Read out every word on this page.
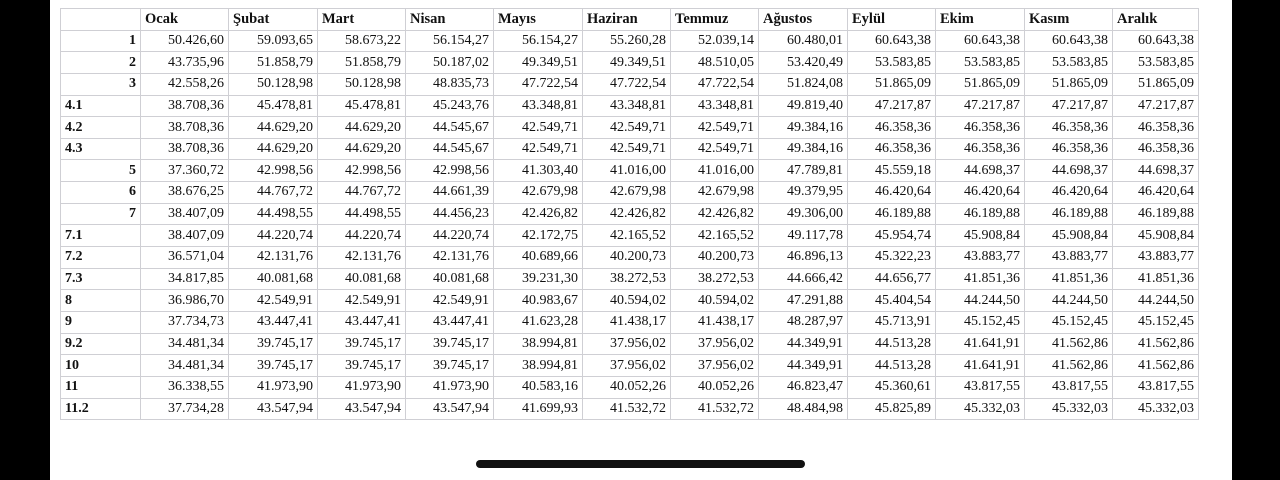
	Ocak	Şubat	Mart	Nisan	Mayıs	Haziran	Temmuz	Ağustos	Eylül	Ekim	Kasım	Aralık
1	50.426,60	59.093,65	58.673,22	56.154,27	56.154,27	55.260,28	52.039,14	60.480,01	60.643,38	60.643,38	60.643,38	60.643,38
2	43.735,96	51.858,79	51.858,79	50.187,02	49.349,51	49.349,51	48.510,05	53.420,49	53.583,85	53.583,85	53.583,85	53.583,85
3	42.558,26	50.128,98	50.128,98	48.835,73	47.722,54	47.722,54	47.722,54	51.824,08	51.865,09	51.865,09	51.865,09	51.865,09
4.1	38.708,36	45.478,81	45.478,81	45.243,76	43.348,81	43.348,81	43.348,81	49.819,40	47.217,87	47.217,87	47.217,87	47.217,87
4.2	38.708,36	44.629,20	44.629,20	44.545,67	42.549,71	42.549,71	42.549,71	49.384,16	46.358,36	46.358,36	46.358,36	46.358,36
4.3	38.708,36	44.629,20	44.629,20	44.545,67	42.549,71	42.549,71	42.549,71	49.384,16	46.358,36	46.358,36	46.358,36	46.358,36
5	37.360,72	42.998,56	42.998,56	42.998,56	41.303,40	41.016,00	41.016,00	47.789,81	45.559,18	44.698,37	44.698,37	44.698,37
6	38.676,25	44.767,72	44.767,72	44.661,39	42.679,98	42.679,98	42.679,98	49.379,95	46.420,64	46.420,64	46.420,64	46.420,64
7	38.407,09	44.498,55	44.498,55	44.456,23	42.426,82	42.426,82	42.426,82	49.306,00	46.189,88	46.189,88	46.189,88	46.189,88
7.1	38.407,09	44.220,74	44.220,74	44.220,74	42.172,75	42.165,52	42.165,52	49.117,78	45.954,74	45.908,84	45.908,84	45.908,84
7.2	36.571,04	42.131,76	42.131,76	42.131,76	40.689,66	40.200,73	40.200,73	46.896,13	45.322,23	43.883,77	43.883,77	43.883,77
7.3	34.817,85	40.081,68	40.081,68	40.081,68	39.231,30	38.272,53	38.272,53	44.666,42	44.656,77	41.851,36	41.851,36	41.851,36
8	36.986,70	42.549,91	42.549,91	42.549,91	40.983,67	40.594,02	40.594,02	47.291,88	45.404,54	44.244,50	44.244,50	44.244,50
9	37.734,73	43.447,41	43.447,41	43.447,41	41.623,28	41.438,17	41.438,17	48.287,97	45.713,91	45.152,45	45.152,45	45.152,45
9.2	34.481,34	39.745,17	39.745,17	39.745,17	38.994,81	37.956,02	37.956,02	44.349,91	44.513,28	41.641,91	41.562,86	41.562,86
10	34.481,34	39.745,17	39.745,17	39.745,17	38.994,81	37.956,02	37.956,02	44.349,91	44.513,28	41.641,91	41.562,86	41.562,86
11	36.338,55	41.973,90	41.973,90	41.973,90	40.583,16	40.052,26	40.052,26	46.823,47	45.360,61	43.817,55	43.817,55	43.817,55
11.2	37.734,28	43.547,94	43.547,94	43.547,94	41.699,93	41.532,72	41.532,72	48.484,98	45.825,89	45.332,03	45.332,03	45.332,03
